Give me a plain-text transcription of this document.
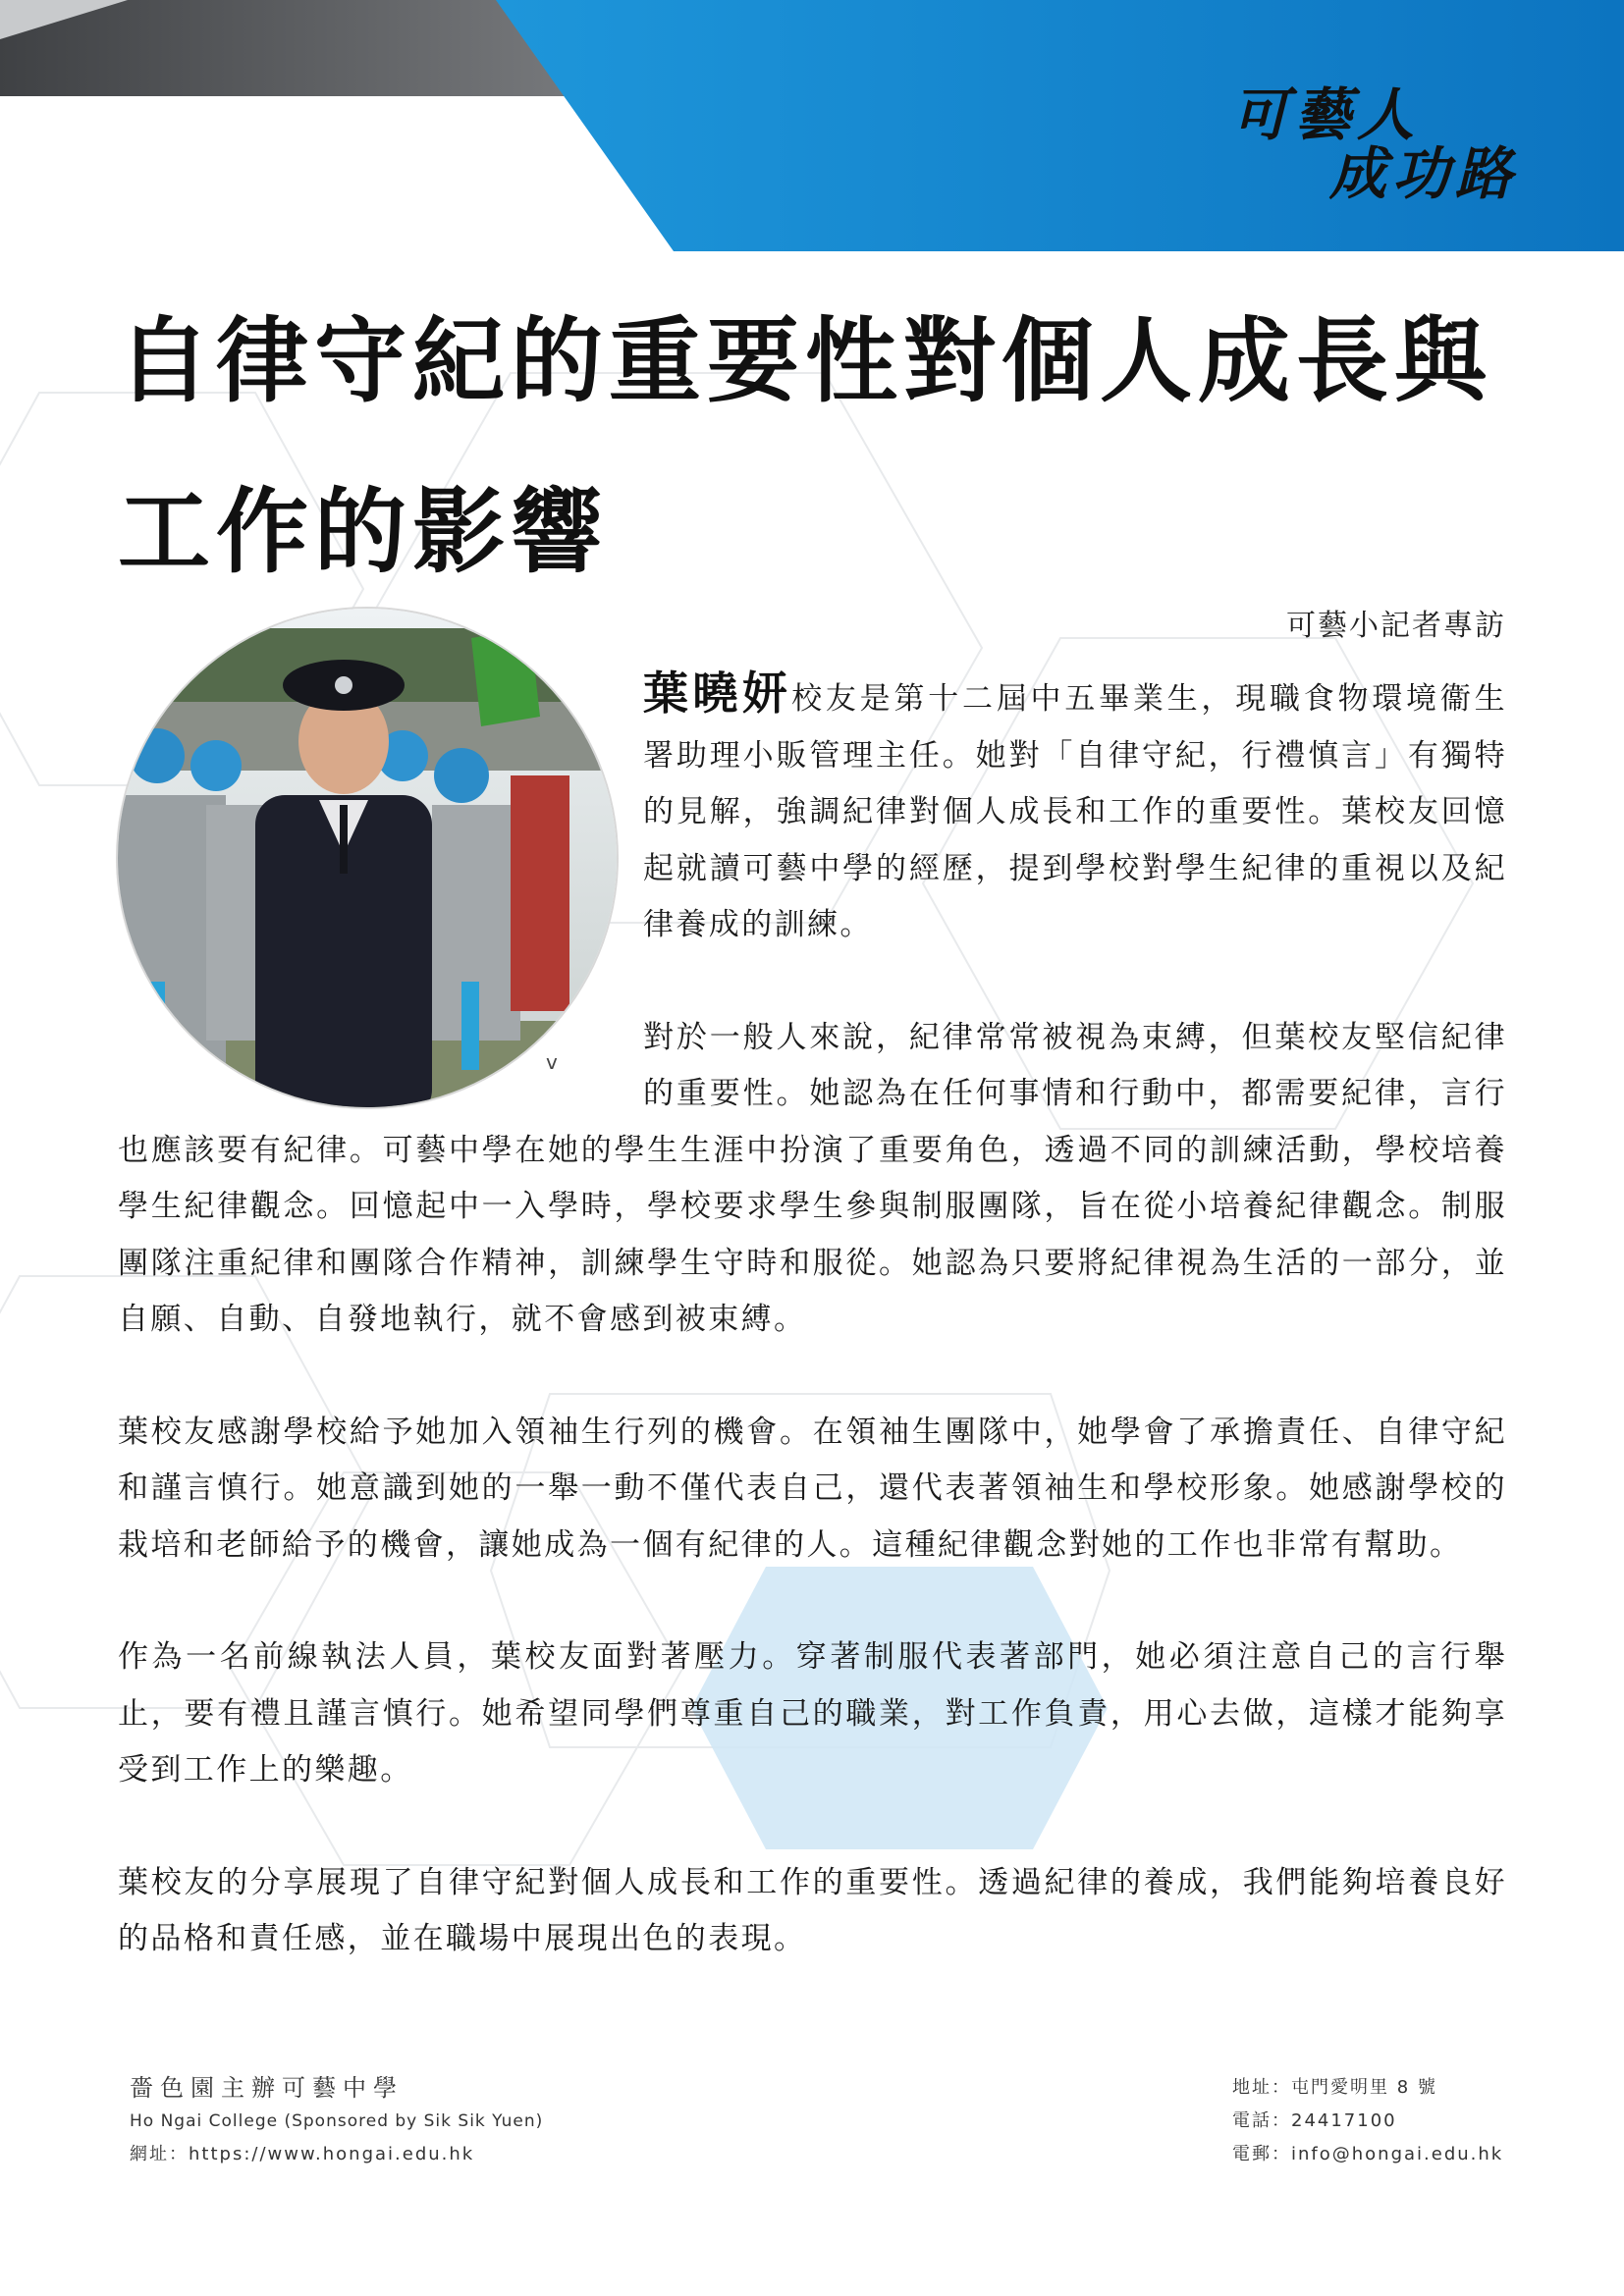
可藝人
成功路
自律守紀的重要性對個人成長與
工作的影響
可藝小記者專訪
v

葉曉妍校友是第十二屆中五畢業生，現職食物環境衞生署助理小販管理主任。她對「自律守紀，行禮慎言」有獨特的見解，強調紀律對個人成長和工作的重要性。葉校友回憶起就讀可藝中學的經歷，提到學校對學生紀律的重視以及紀律養成的訓練。

對於一般人來說，紀律常常被視為束縛，但葉校友堅信紀律的重要性。她認為在任何事情和行動中，都需要紀律，言行也應該要有紀律。可藝中學在她的學生生涯中扮演了重要角色，透過不同的訓練活動，學校培養學生紀律觀念。回憶起中一入學時，學校要求學生參與制服團隊，旨在從小培養紀律觀念。制服團隊注重紀律和團隊合作精神，訓練學生守時和服從。她認為只要將紀律視為生活的一部分，並自願、自動、自發地執行，就不會感到被束縛。

葉校友感謝學校給予她加入領袖生行列的機會。在領袖生團隊中，她學會了承擔責任、自律守紀和謹言慎行。她意識到她的一舉一動不僅代表自己，還代表著領袖生和學校形象。她感謝學校的栽培和老師給予的機會，讓她成為一個有紀律的人。這種紀律觀念對她的工作也非常有幫助。

作為一名前線執法人員，葉校友面對著壓力。穿著制服代表著部門，她必須注意自己的言行舉止，要有禮且謹言慎行。她希望同學們尊重自己的職業，對工作負責，用心去做，這樣才能夠享受到工作上的樂趣。

葉校友的分享展現了自律守紀對個人成長和工作的重要性。透過紀律的養成，我們能夠培養良好的品格和責任感，並在職場中展現出色的表現。

嗇色園主辦可藝中學
Ho Ngai College (Sponsored by Sik Sik Yuen)
網址：https://www.hongai.edu.hk
地址：屯門愛明里 8 號
電話：24417100
電郵：info@hongai.edu.hk
